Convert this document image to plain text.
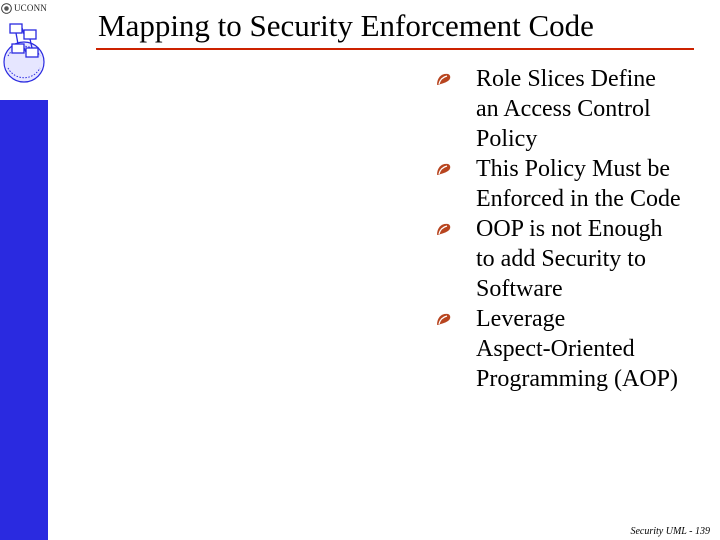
UCONN Mapping to Security Enforcement Code
Role Slices Define
an Access Control
Policy
This Policy Must be
Enforced in the Code
OOP is not Enough
to add Security to
Software
Leverage
Aspect-Oriented
Programming (AOP)
Security UML - 139
